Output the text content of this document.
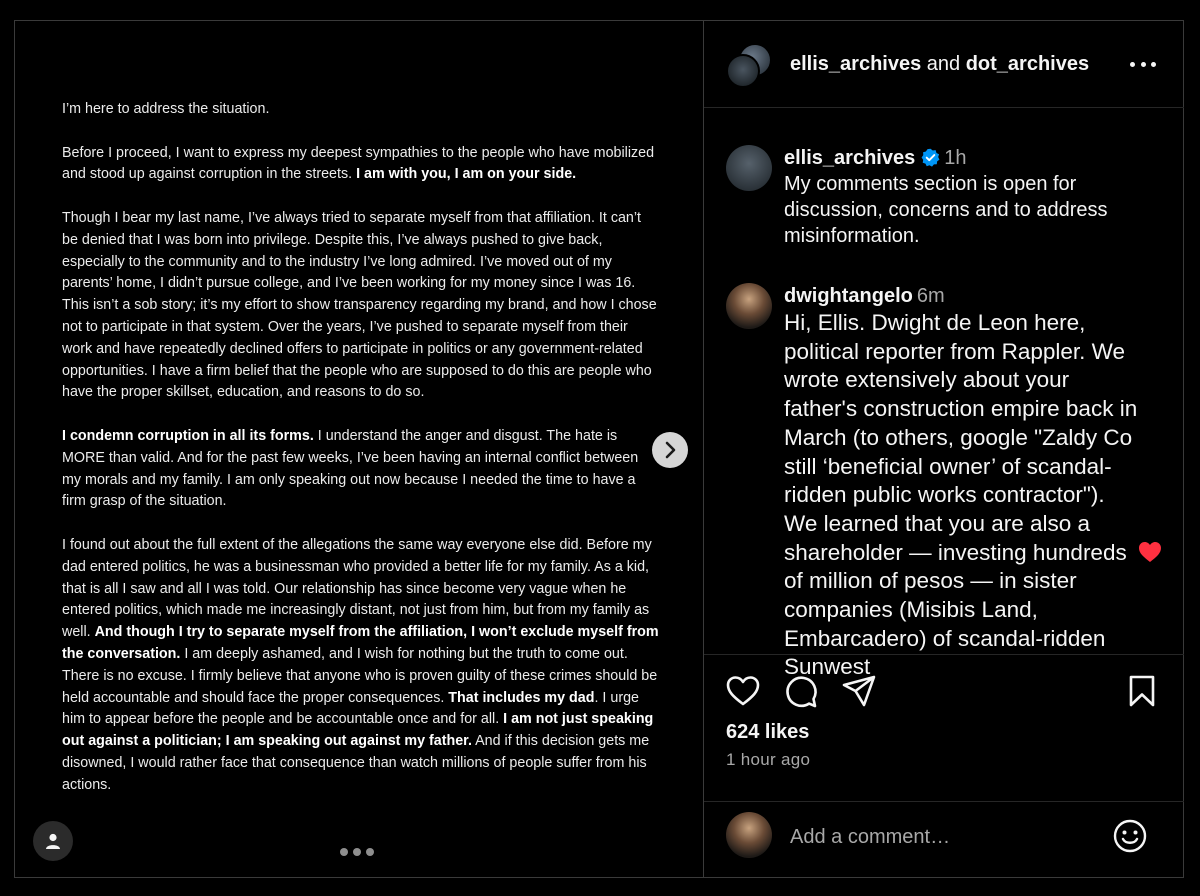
I’m here to address the situation.

Before I proceed, I want to express my deepest sympathies to the people who have mobilized and stood up against corruption in the streets. I am with you, I am on your side.

Though I bear my last name, I’ve always tried to separate myself from that affiliation. It can’t be denied that I was born into privilege. Despite this, I’ve always pushed to give back, especially to the community and to the industry I’ve long admired. I’ve moved out of my parents’ home, I didn’t pursue college, and I’ve been working for my money since I was 16. This isn’t a sob story; it’s my effort to show transparency regarding my brand, and how I chose not to participate in that system. Over the years, I’ve pushed to separate myself from their work and have repeatedly declined offers to participate in politics or any government-related opportunities. I have a firm belief that the people who are supposed to do this are people who have the proper skillset, education, and reasons to do so.

I condemn corruption in all its forms. I understand the anger and disgust. The hate is MORE than valid. And for the past few weeks, I’ve been having an internal conflict between my morals and my family. I am only speaking out now because I needed the time to have a firm grasp of the situation.

I found out about the full extent of the allegations the same way everyone else did. Before my dad entered politics, he was a businessman who provided a better life for my family. As a kid, that is all I saw and all I was told. Our relationship has since become very vague when he entered politics, which made me increasingly distant, not just from him, but from my family as well. And though I try to separate myself from the affiliation, I won’t exclude myself from the conversation. I am deeply ashamed, and I wish for nothing but the truth to come out. There is no excuse. I firmly believe that anyone who is proven guilty of these crimes should be held accountable and should face the proper consequences. That includes my dad. I urge him to appear before the people and be accountable once and for all. I am not just speaking out against a politician; I am speaking out against my father. And if this decision gets me disowned, I would rather face that consequence than watch millions of people suffer from his actions.

ellis_archives and dot_archives
ellis_archives 1h
My comments section is open for discussion, concerns and to address misinformation.
dwightangelo 6m
Hi, Ellis. Dwight de Leon here, political reporter from Rappler. We wrote extensively about your father's construction empire back in March (to others, google "Zaldy Co still ‘beneficial owner’ of scandal-ridden public works contractor"). We learned that you are also a shareholder — investing hundreds of million of pesos — in sister companies (Misibis Land, Embarcadero) of scandal-ridden Sunwest
624 likes
1 hour ago
Add a comment…
